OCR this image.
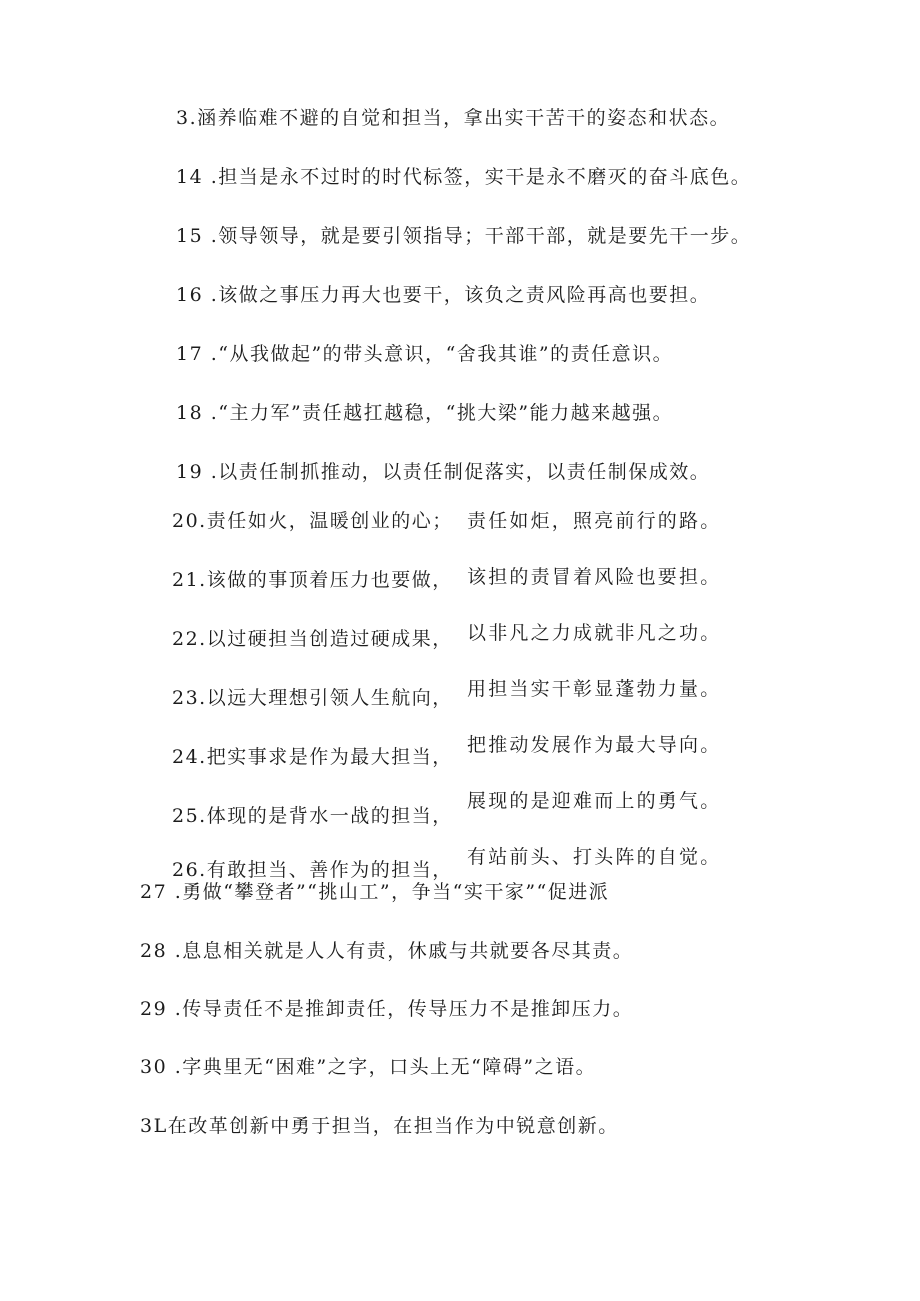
3.涵养临难不避的自觉和担当，拿出实干苦干的姿态和状态。
14 .担当是永不过时的时代标签，实干是永不磨灭的奋斗底色。
15 .领导领导，就是要引领指导；干部干部，就是要先干一步。
16 .该做之事压力再大也要干，该负之责风险再高也要担。
17 .“从我做起”的带头意识，“舍我其谁”的责任意识。
18 .“主力军”责任越扛越稳，“挑大梁”能力越来越强。
19 .以责任制抓推动，以责任制促落实，以责任制保成效。
20.责任如火，温暖创业的心； 责任如炬，照亮前行的路。
21.该做的事顶着压力也要做， 该担的责冒着风险也要担。
22.以过硬担当创造过硬成果， 以非凡之力成就非凡之功。
23.以远大理想引领人生航向， 用担当实干彰显蓬勃力量。
24.把实事求是作为最大担当，
把推动发展作为最大导向。
25.体现的是背水一战的担当，
展现的是迎难而上的勇气。
26.有敢担当、善作为的担当，
有站前头、打头阵的自觉。
27 .勇做“攀登者”“挑山工”，争当“实干家”“促进派
28 .息息相关就是人人有责，休戚与共就要各尽其责。
29 .传导责任不是推卸责任，传导压力不是推卸压力。
30 .字典里无“困难”之字，口头上无“障碍”之语。
3L在改革创新中勇于担当，在担当作为中锐意创新。
